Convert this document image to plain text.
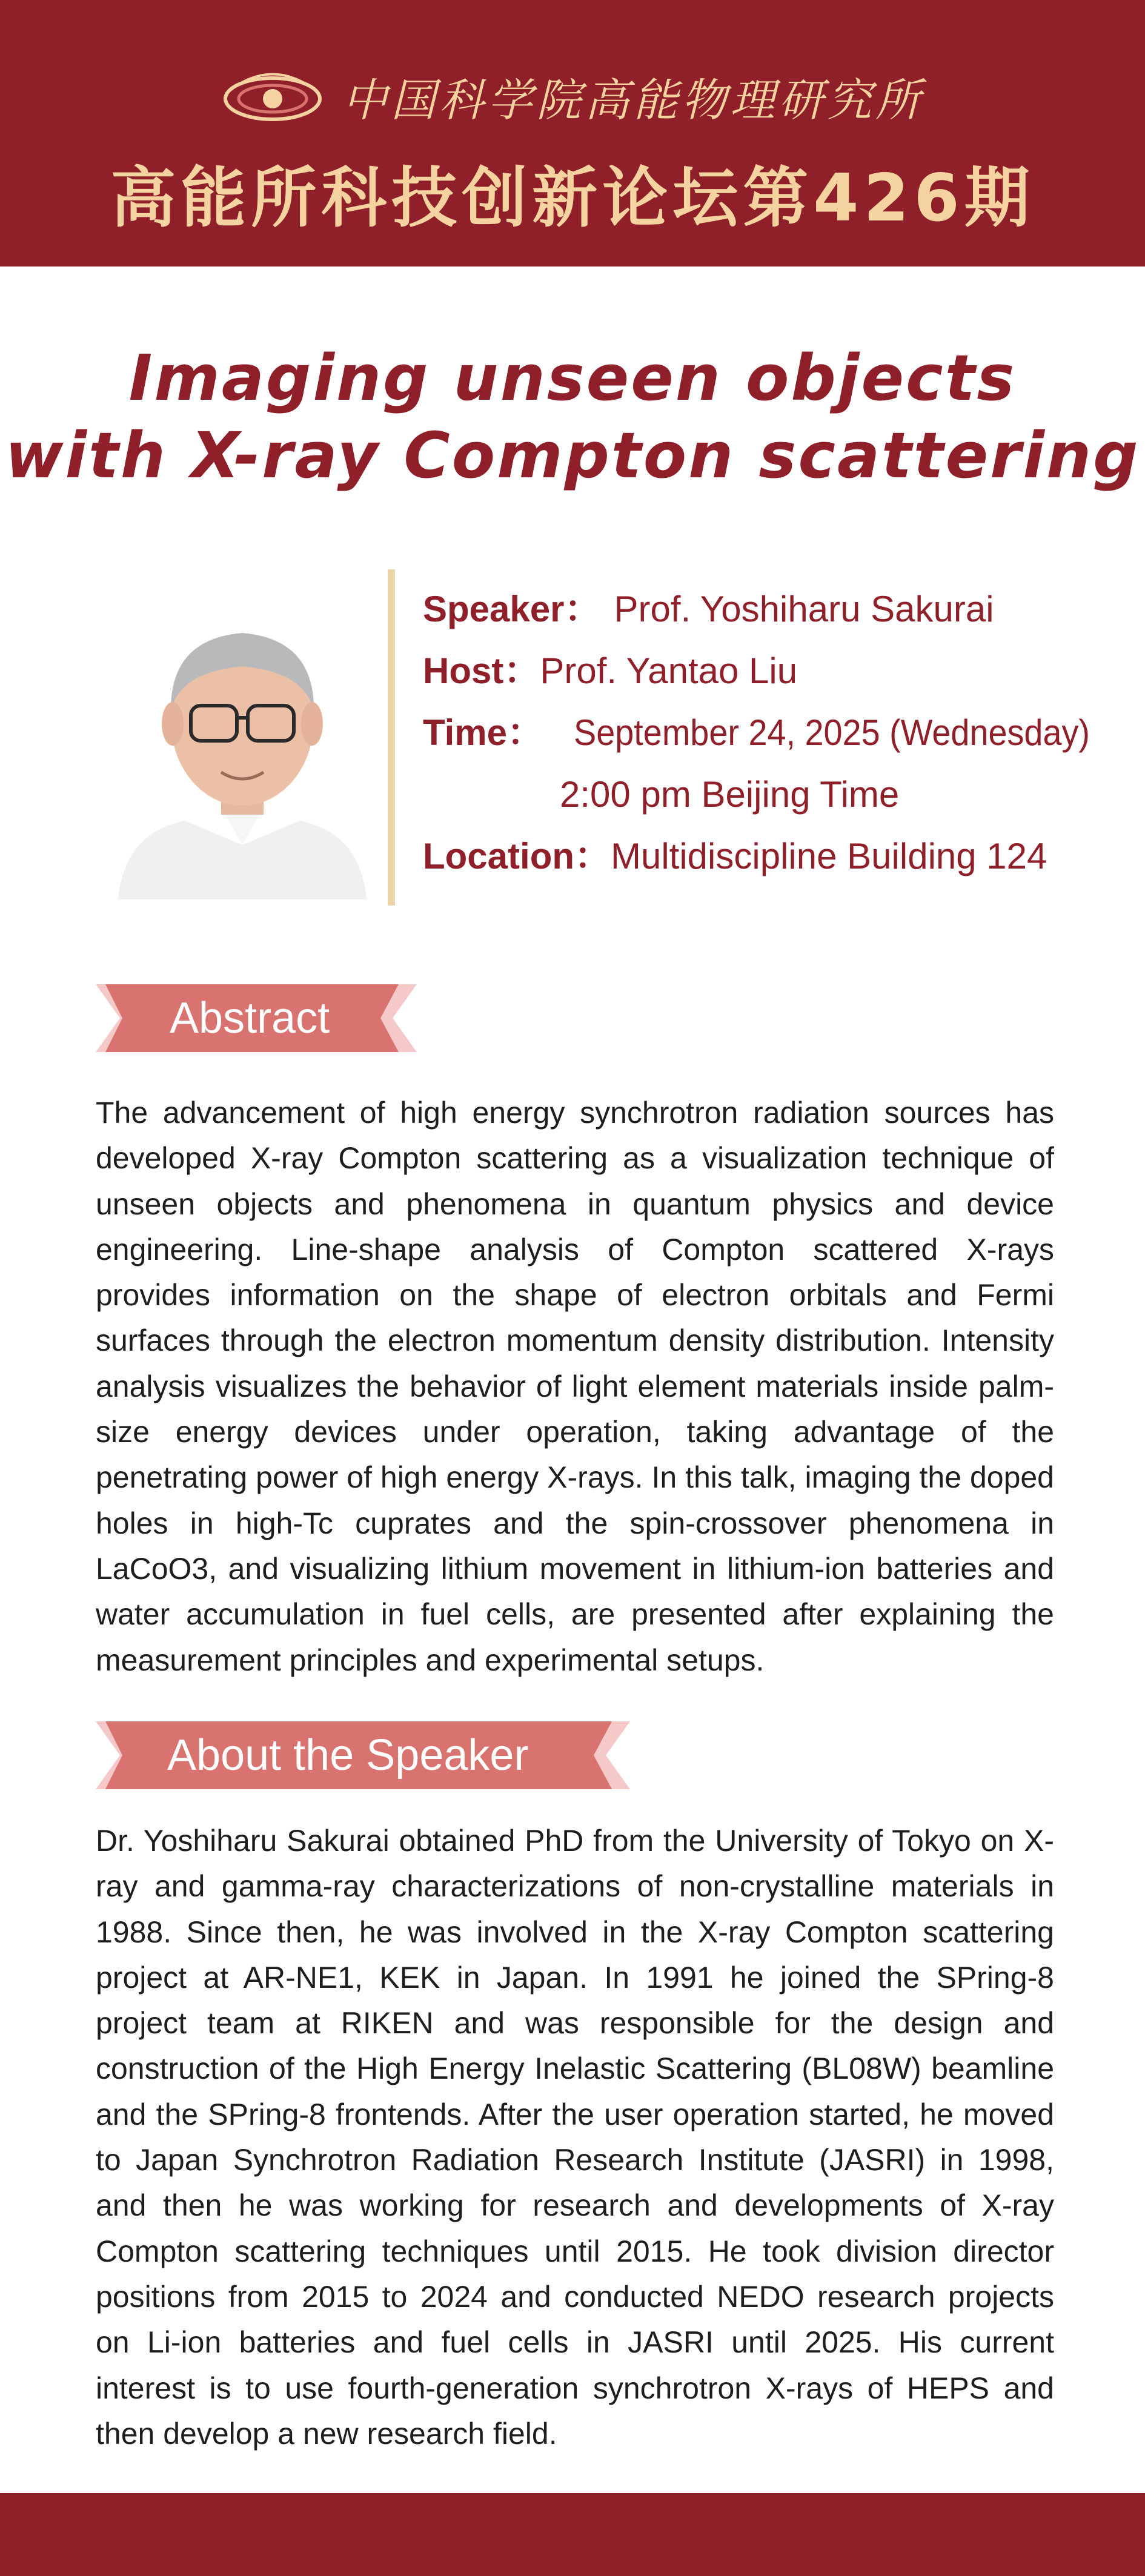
中国科学院高能物理研究所
高能所科技创新论坛第426期
Imaging unseen objects
with X-ray Compton scattering
Speaker： Prof. Yoshiharu Sakurai
Host：Prof. Yantao Liu
Time： September 24, 2025 (Wednesday)
2:00 pm Beijing Time
Location：Multidiscipline Building 124
Abstract
The advancement of high energy synchrotron radiation sources has developed X-ray Compton scattering as a visualization technique of unseen objects and phenomena in quantum physics and device engineering. Line-shape analysis of Compton scattered X-rays provides information on the shape of electron orbitals and Fermi surfaces through the electron momentum density distribution. Intensity analysis visualizes the behavior of light element materials inside palm-size energy devices under operation, taking advantage of the penetrating power of high energy X-rays. In this talk, imaging the doped holes in high-Tc cuprates and the spin-crossover phenomena in LaCoO3, and visualizing lithium movement in lithium-ion batteries and water accumulation in fuel cells, are presented after explaining the measurement principles and experimental setups.
About the Speaker
Dr. Yoshiharu Sakurai obtained PhD from the University of Tokyo on X-ray and gamma-ray characterizations of non-crystalline materials in 1988. Since then, he was involved in the X-ray Compton scattering project at AR-NE1, KEK in Japan. In 1991 he joined the SPring-8 project team at RIKEN and was responsible for the design and construction of the High Energy Inelastic Scattering (BL08W) beamline and the SPring-8 frontends. After the user operation started, he moved to Japan Synchrotron Radiation Research Institute (JASRI) in 1998, and then he was working for research and developments of X-ray Compton scattering techniques until 2015. He took division director positions from 2015 to 2024 and conducted NEDO research projects on Li-ion batteries and fuel cells in JASRI until 2025. His current interest is to use fourth-generation synchrotron X-rays of HEPS and then develop a new research field.
